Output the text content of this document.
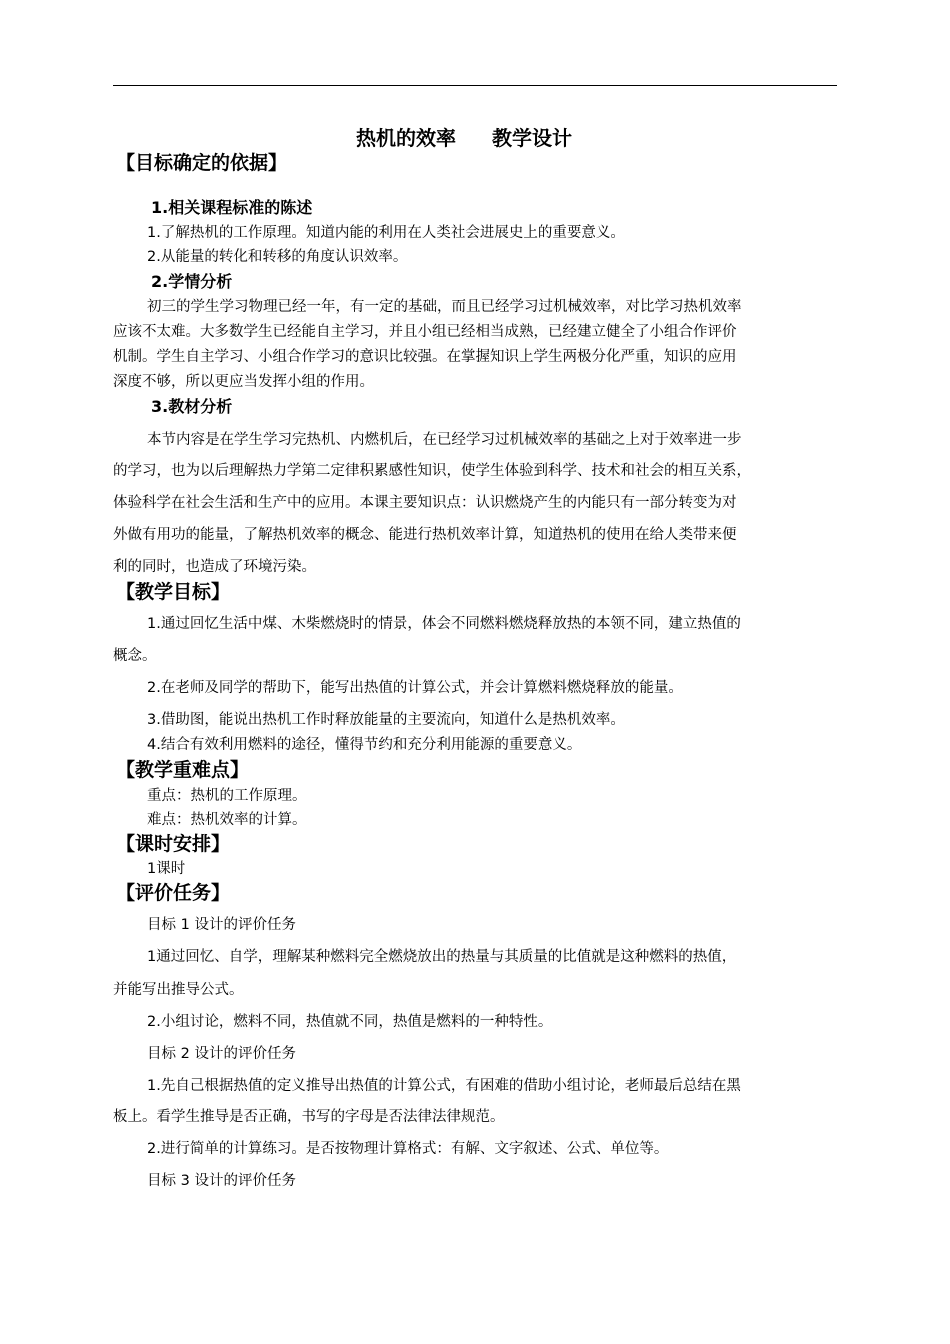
热机的效率 教学设计
【目标确定的依据】
1.相关课程标准的陈述
1.了解热机的工作原理。知道内能的利用在人类社会进展史上的重要意义。
2.从能量的转化和转移的角度认识效率。
2.学情分析
初三的学生学习物理已经一年，有一定的基础，而且已经学习过机械效率，对比学习热机效率
应该不太难。大多数学生已经能自主学习，并且小组已经相当成熟，已经建立健全了小组合作评价
机制。学生自主学习、小组合作学习的意识比较强。在掌握知识上学生两极分化严重，知识的应用
深度不够，所以更应当发挥小组的作用。
3.教材分析
本节内容是在学生学习完热机、内燃机后，在已经学习过机械效率的基础之上对于效率进一步
的学习，也为以后理解热力学第二定律积累感性知识，使学生体验到科学、技术和社会的相互关系，
体验科学在社会生活和生产中的应用。本课主要知识点：认识燃烧产生的内能只有一部分转变为对
外做有用功的能量，了解热机效率的概念、能进行热机效率计算，知道热机的使用在给人类带来便
利的同时，也造成了环境污染。
【教学目标】
1.通过回忆生活中煤、木柴燃烧时的情景，体会不同燃料燃烧释放热的本领不同，建立热值的
概念。
2.在老师及同学的帮助下，能写出热值的计算公式，并会计算燃料燃烧释放的能量。
3.借助图，能说出热机工作时释放能量的主要流向，知道什么是热机效率。
4.结合有效利用燃料的途径，懂得节约和充分利用能源的重要意义。
【教学重难点】
重点：热机的工作原理。
难点：热机效率的计算。
【课时安排】
1课时
【评价任务】
目标 1 设计的评价任务
1通过回忆、自学，理解某种燃料完全燃烧放出的热量与其质量的比值就是这种燃料的热值，
并能写出推导公式。
2.小组讨论，燃料不同，热值就不同，热值是燃料的一种特性。
目标 2 设计的评价任务
1.先自己根据热值的定义推导出热值的计算公式，有困难的借助小组讨论，老师最后总结在黑
板上。看学生推导是否正确，书写的字母是否法律法律规范。
2.进行简单的计算练习。是否按物理计算格式：有解、文字叙述、公式、单位等。
目标 3 设计的评价任务
